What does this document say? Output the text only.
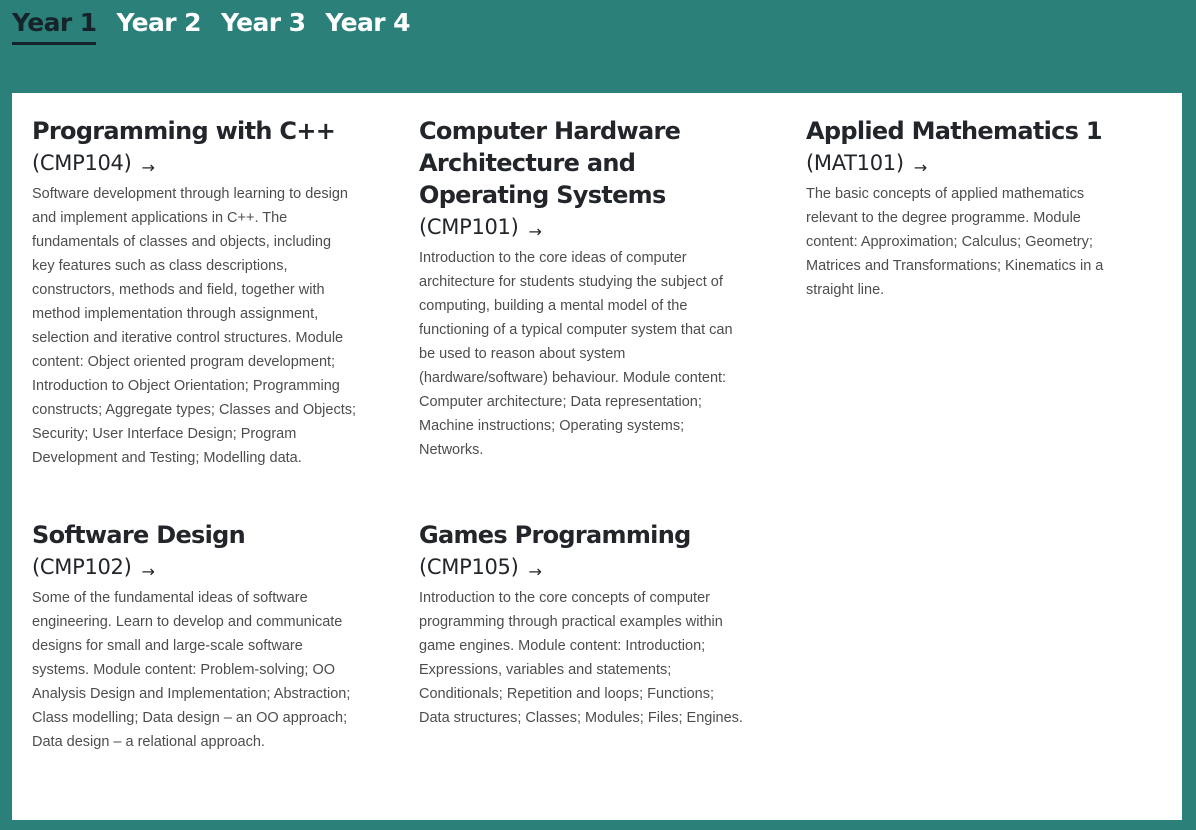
Year 1 Year 2 Year 3 Year 4
Programming with C++
(CMP104) →

Software development through learning to design and implement applications in C++. The fundamentals of classes and objects, including key features such as class descriptions, constructors, methods and field, together with method implementation through assignment, selection and iterative control structures. Module content: Object oriented program development; Introduction to Object Orientation; Programming constructs; Aggregate types; Classes and Objects; Security; User Interface Design; Program Development and Testing; Modelling data.

Computer Hardware
Architecture and
Operating Systems
(CMP101) →

Introduction to the core ideas of computer architecture for students studying the subject of computing, building a mental model of the functioning of a typical computer system that can be used to reason about system (hardware/software) behaviour. Module content: Computer architecture; Data representation; Machine instructions; Operating systems; Networks.

Applied Mathematics 1
(MAT101) →

The basic concepts of applied mathematics relevant to the degree programme. Module content: Approximation; Calculus; Geometry; Matrices and Transformations; Kinematics in a straight line.

Software Design
(CMP102) →

Some of the fundamental ideas of software engineering. Learn to develop and communicate designs for small and large-scale software systems. Module content: Problem-solving; OO Analysis Design and Implementation; Abstraction; Class modelling; Data design – an OO approach; Data design – a relational approach.

Games Programming
(CMP105) →

Introduction to the core concepts of computer programming through practical examples within game engines. Module content: Introduction; Expressions, variables and statements; Conditionals; Repetition and loops; Functions; Data structures; Classes; Modules; Files; Engines.
